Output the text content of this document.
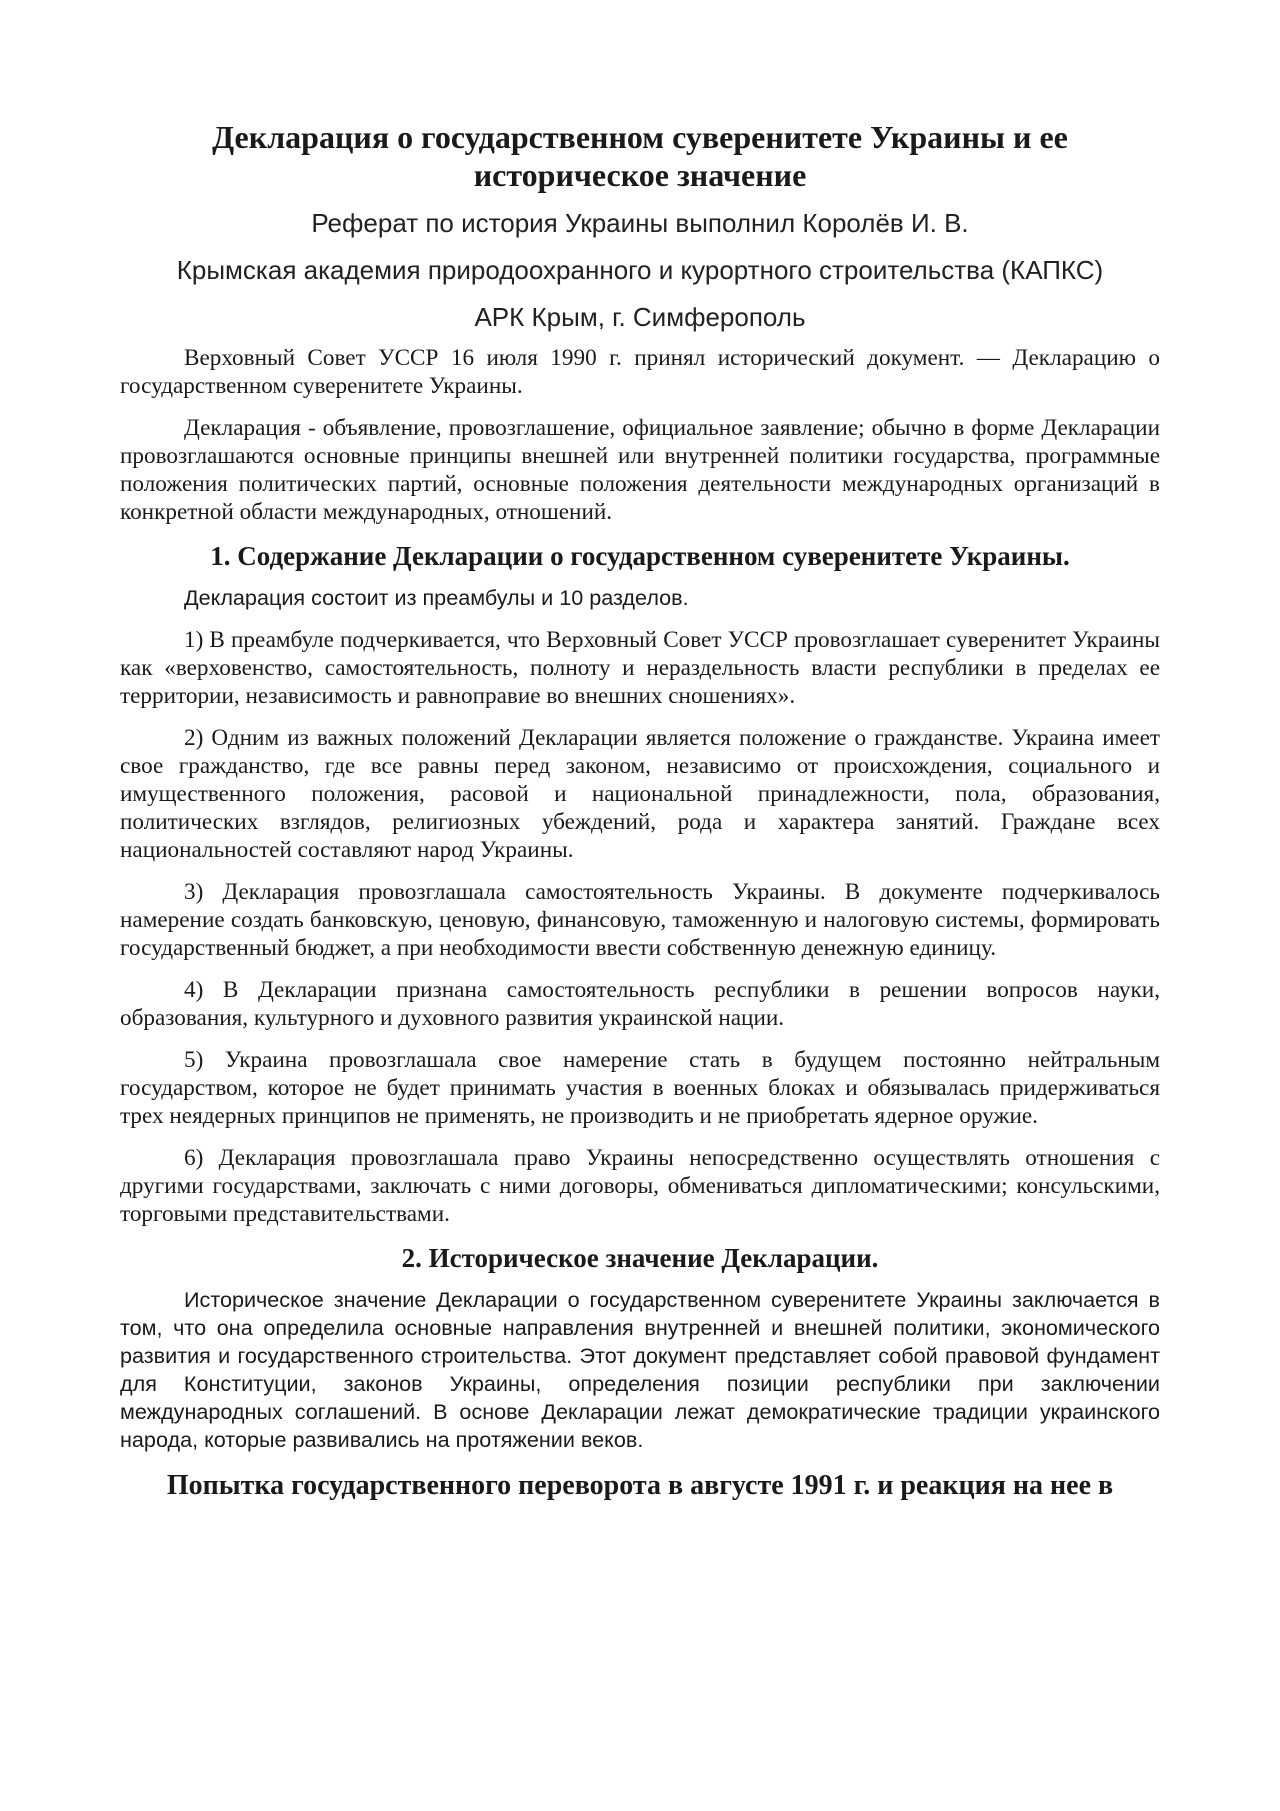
Декларация о государственном суверенитете Украины и ее историческое значение
Реферат по история Украины выполнил Королёв И. В.
Крымская академия природоохранного и курортного строительства (КАПКС)
АРК Крым, г. Симферополь

Верховный Совет УССР 16 июля 1990 г. принял исторический документ. — Декларацию о государственном суверенитете Украины.

Декларация - объявление, провозглашение, официальное заявление; обычно в форме Декларации провозглашаются основные принципы внешней или внутренней политики государства, программные положения политических партий, основные положения деятельности международных организаций в конкретной области международных, отношений.

1. Содержание Декларации о государственном суверенитете Украины.

Декларация состоит из преамбулы и 10 разделов.

1) В преамбуле подчеркивается, что Верховный Совет УССР провозглашает суверенитет Украины как «верховенство, самостоятельность, полноту и нераздельность власти республики в пределах ее территории, независимость и равноправие во внешних сношениях».

2) Одним из важных положений Декларации является положение о гражданстве. Украина имеет свое гражданство, где все равны перед законом, независимо от происхождения, социального и имущественного положения, расовой и национальной принадлежности, пола, образования, политических взглядов, религиозных убеждений, рода и характера занятий. Граждане всех национальностей составляют народ Украины.

3) Декларация провозглашала самостоятельность Украины. В документе подчеркивалось намерение создать банковскую, ценовую, финансовую, таможенную и налоговую системы, формировать государственный бюджет, а при необходимости ввести собственную денежную единицу.

4) В Декларации признана самостоятельность республики в решении вопросов науки, образования, культурного и духовного развития украинской нации.

5) Украина провозглашала свое намерение стать в будущем постоянно нейтральным государством, которое не будет принимать участия в военных блоках и обязывалась придерживаться трех неядерных принципов не применять, не производить и не приобретать ядерное оружие.

6) Декларация провозглашала право Украины непосредственно осуществлять отношения с другими государствами, заключать с ними договоры, обмениваться дипломатическими; консульскими, торговыми представительствами.

2. Историческое значение Декларации.

Историческое значение Декларации о государственном суверенитете Украины заключается в том, что она определила основные направления внутренней и внешней политики, экономического развития и государственного строительства. Этот документ представляет собой правовой фундамент для Конституции, законов Украины, определения позиции республики при заключении международных соглашений. В основе Декларации лежат демократические традиции украинского народа, которые развивались на протяжении веков.

Попытка государственного переворота в августе 1991 г. и реакция на нее в
